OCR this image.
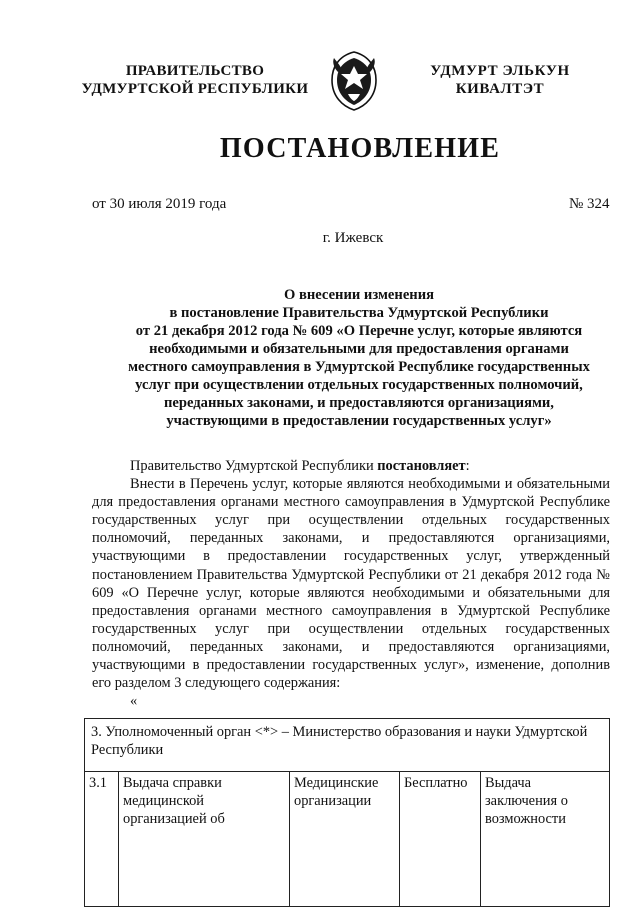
ПРАВИТЕЛЬСТВО
УДМУРТСКОЙ РЕСПУБЛИКИ
УДМУРТ ЭЛЬКУН
КИВАЛТЭТ
ПОСТАНОВЛЕНИЕ
от 30 июля 2019 года	№ 324
г. Ижевск
О внесении изменения
в постановление Правительства Удмуртской Республики
от 21 декабря 2012 года № 609 «О Перечне услуг, которые являются
необходимыми и обязательными для предоставления органами
местного самоуправления в Удмуртской Республике государственных
услуг при осуществлении отдельных государственных полномочий,
переданных законами, и предоставляются организациями,
участвующими в предоставлении государственных услуг»

Правительство Удмуртской Республики постановляет:

Внести в Перечень услуг, которые являются необходимыми и обязательными для предоставления органами местного самоуправления в Удмуртской Республике государственных услуг при осуществлении отдельных государственных полномочий, переданных законами, и предоставляются организациями, участвующими в предоставлении государственных услуг, утвержденный постановлением Правительства Удмуртской Республики от 21 декабря 2012 года № 609 «О Перечне услуг, которые являются необходимыми и обязательными для предоставления органами местного самоуправления в Удмуртской Республике государственных услуг при осуществлении отдельных государственных полномочий, переданных законами, и предоставляются организациями, участвующими в предоставлении государственных услуг», изменение, дополнив его разделом 3 следующего содержания:

«

3. Уполномоченный орган <*> – Министерство образования и науки Удмуртской Республики
3.1	Выдача справки медицинской организацией об	Медицинские организации	Бесплатно	Выдача заключения о возможности
